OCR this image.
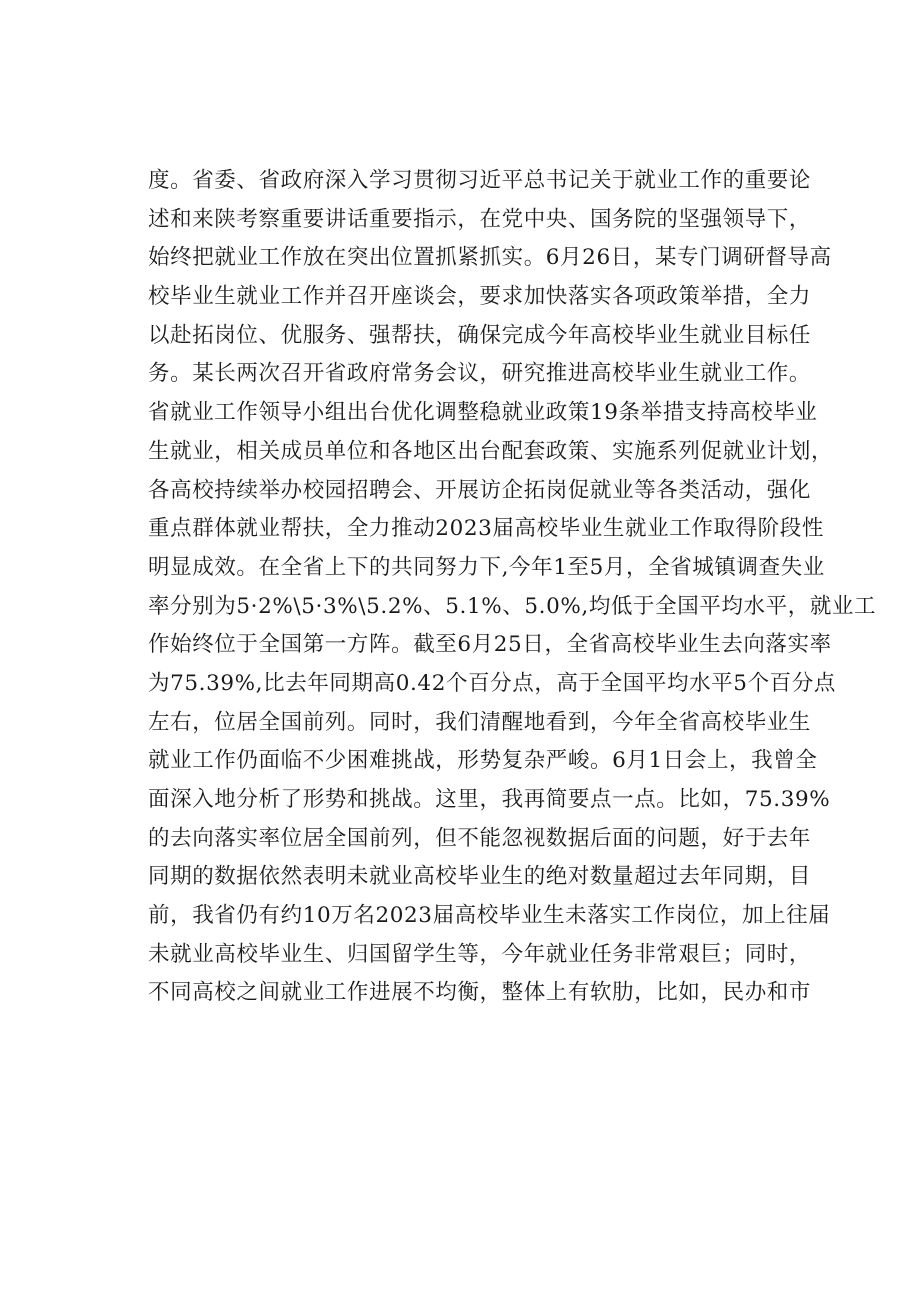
度。省委、省政府深入学习贯彻习近平总书记关于就业工作的重要论
述和来陕考察重要讲话重要指示，在党中央、国务院的坚强领导下，
始终把就业工作放在突出位置抓紧抓实。6月26日，某专门调研督导高
校毕业生就业工作并召开座谈会，要求加快落实各项政策举措，全力
以赴拓岗位、优服务、强帮扶，确保完成今年高校毕业生就业目标任
务。某长两次召开省政府常务会议，研究推进高校毕业生就业工作。
省就业工作领导小组出台优化调整稳就业政策19条举措支持高校毕业
生就业，相关成员单位和各地区出台配套政策、实施系列促就业计划，
各高校持续举办校园招聘会、开展访企拓岗促就业等各类活动，强化
重点群体就业帮扶，全力推动2023届高校毕业生就业工作取得阶段性
明显成效。在全省上下的共同努力下,今年1至5月，全省城镇调查失业
率分别为5·2%\5·3%\5.2%、5.1%、5.0%,均低于全国平均水平，就业工
作始终位于全国第一方阵。截至6月25日，全省高校毕业生去向落实率
为75.39%,比去年同期高0.42个百分点，高于全国平均水平5个百分点
左右，位居全国前列。同时，我们清醒地看到，今年全省高校毕业生
就业工作仍面临不少困难挑战，形势复杂严峻。6月1日会上，我曾全
面深入地分析了形势和挑战。这里，我再简要点一点。比如，75.39%
的去向落实率位居全国前列，但不能忽视数据后面的问题，好于去年
同期的数据依然表明未就业高校毕业生的绝对数量超过去年同期，目
前，我省仍有约10万名2023届高校毕业生未落实工作岗位，加上往届
未就业高校毕业生、归国留学生等，今年就业任务非常艰巨；同时，
不同高校之间就业工作进展不均衡，整体上有软肋，比如，民办和市
